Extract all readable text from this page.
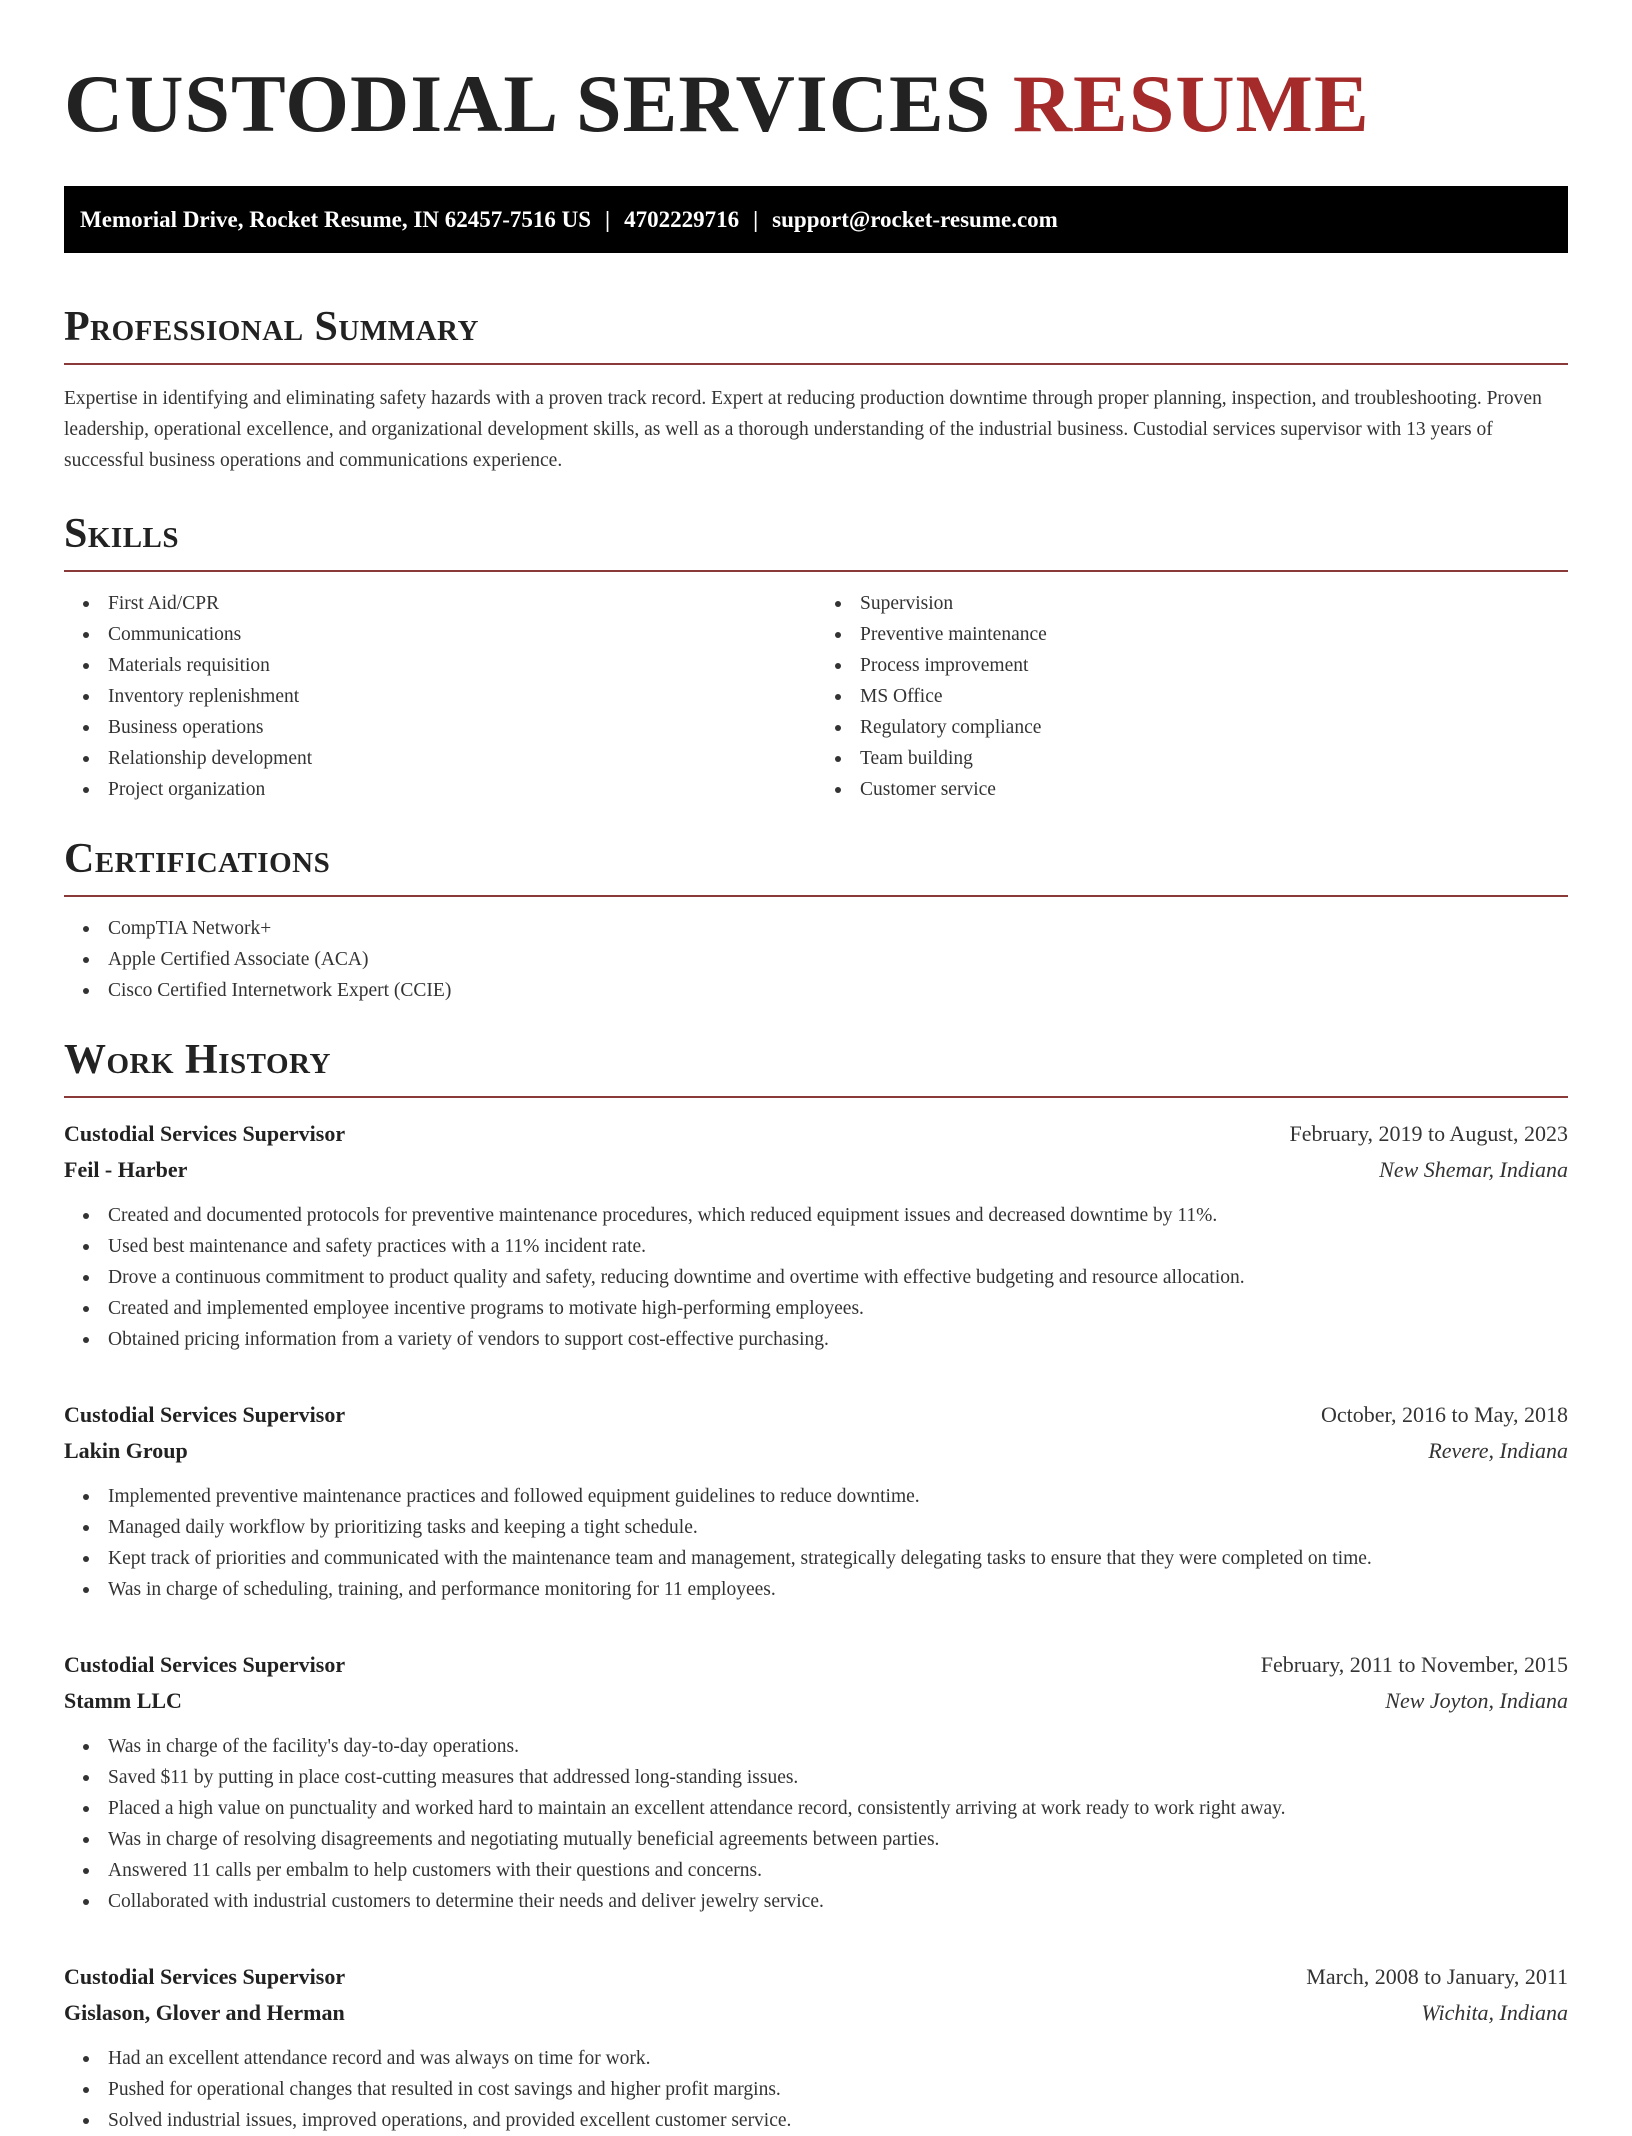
CUSTODIAL SERVICES RESUME
Memorial Drive, Rocket Resume, IN 62457-7516 US | 4702229716 | support@rocket-resume.com
Professional Summary

Expertise in identifying and eliminating safety hazards with a proven track record. Expert at reducing production downtime through proper planning, inspection, and troubleshooting. Proven leadership, operational excellence, and organizational development skills, as well as a thorough understanding of the industrial business. Custodial services supervisor with 13 years of successful business operations and communications experience.

Skills
First Aid/CPR
Communications
Materials requisition
Inventory replenishment
Business operations
Relationship development
Project organization
Supervision
Preventive maintenance
Process improvement
MS Office
Regulatory compliance
Team building
Customer service
Certifications
CompTIA Network+
Apple Certified Associate (ACA)
Cisco Certified Internetwork Expert (CCIE)
Work History
Custodial Services Supervisor	February, 2019 to August, 2023
Feil - Harber	New Shemar, Indiana
Created and documented protocols for preventive maintenance procedures, which reduced equipment issues and decreased downtime by 11%.
Used best maintenance and safety practices with a 11% incident rate.
Drove a continuous commitment to product quality and safety, reducing downtime and overtime with effective budgeting and resource allocation.
Created and implemented employee incentive programs to motivate high-performing employees.
Obtained pricing information from a variety of vendors to support cost-effective purchasing.
Custodial Services Supervisor	October, 2016 to May, 2018
Lakin Group	Revere, Indiana
Implemented preventive maintenance practices and followed equipment guidelines to reduce downtime.
Managed daily workflow by prioritizing tasks and keeping a tight schedule.
Kept track of priorities and communicated with the maintenance team and management, strategically delegating tasks to ensure that they were completed on time.
Was in charge of scheduling, training, and performance monitoring for 11 employees.
Custodial Services Supervisor	February, 2011 to November, 2015
Stamm LLC	New Joyton, Indiana
Was in charge of the facility's day-to-day operations.
Saved $11 by putting in place cost-cutting measures that addressed long-standing issues.
Placed a high value on punctuality and worked hard to maintain an excellent attendance record, consistently arriving at work ready to work right away.
Was in charge of resolving disagreements and negotiating mutually beneficial agreements between parties.
Answered 11 calls per embalm to help customers with their questions and concerns.
Collaborated with industrial customers to determine their needs and deliver jewelry service.
Custodial Services Supervisor	March, 2008 to January, 2011
Gislason, Glover and Herman	Wichita, Indiana
Had an excellent attendance record and was always on time for work.
Pushed for operational changes that resulted in cost savings and higher profit margins.
Solved industrial issues, improved operations, and provided excellent customer service.
